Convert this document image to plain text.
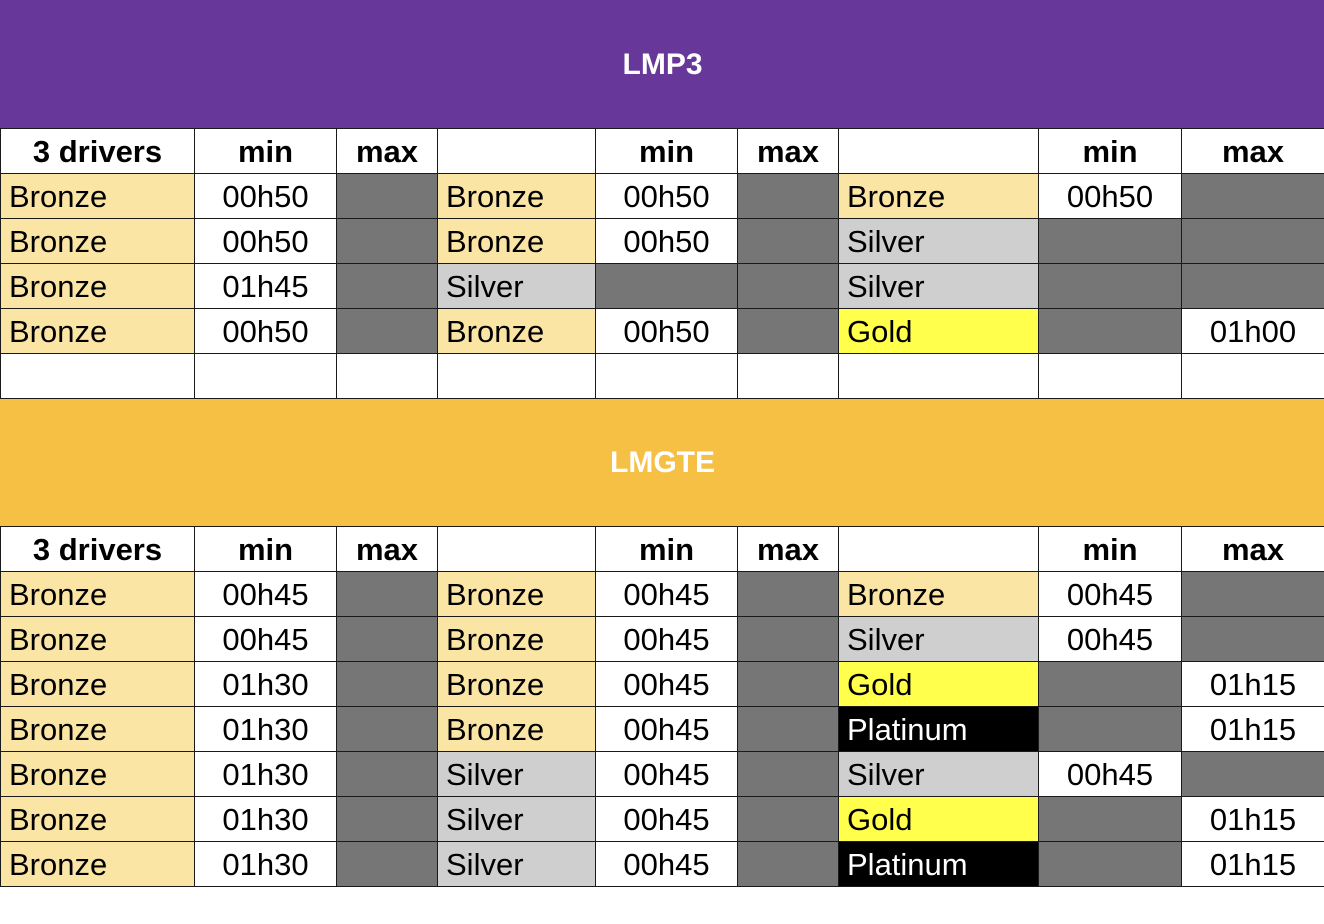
LMP3								
3 drivers	min	max		min	max		min	max
Bronze	00h50		Bronze	00h50		Bronze	00h50	
Bronze	00h50		Bronze	00h50		Silver		
Bronze	01h45		Silver			Silver		
Bronze	00h50		Bronze	00h50		Gold		01h00

LMGTE								
3 drivers	min	max		min	max		min	max
Bronze	00h45		Bronze	00h45		Bronze	00h45	
Bronze	00h45		Bronze	00h45		Silver	00h45	
Bronze	01h30		Bronze	00h45		Gold		01h15
Bronze	01h30		Bronze	00h45		Platinum		01h15
Bronze	01h30		Silver	00h45		Silver	00h45	
Bronze	01h30		Silver	00h45		Gold		01h15
Bronze	01h30		Silver	00h45		Platinum		01h15
